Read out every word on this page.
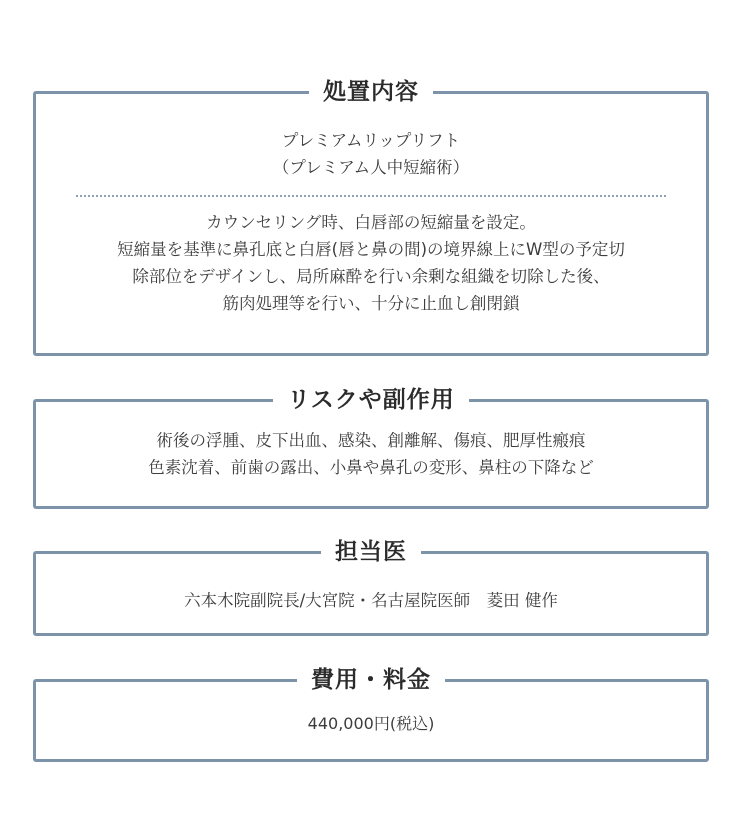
処置内容
プレミアムリップリフト
（プレミアム人中短縮術）
カウンセリング時、白唇部の短縮量を設定。
短縮量を基準に鼻孔底と白唇(唇と鼻の間)の境界線上にW型の予定切
除部位をデザインし、局所麻酔を行い余剰な組織を切除した後、
筋肉処理等を行い、十分に止血し創閉鎖
リスクや副作用
術後の浮腫、皮下出血、感染、創離解、傷痕、肥厚性瘢痕
色素沈着、前歯の露出、小鼻や鼻孔の変形、鼻柱の下降など
担当医
六本木院副院長/大宮院・名古屋院医師　菱田 健作
費用・料金
440,000円(税込)
